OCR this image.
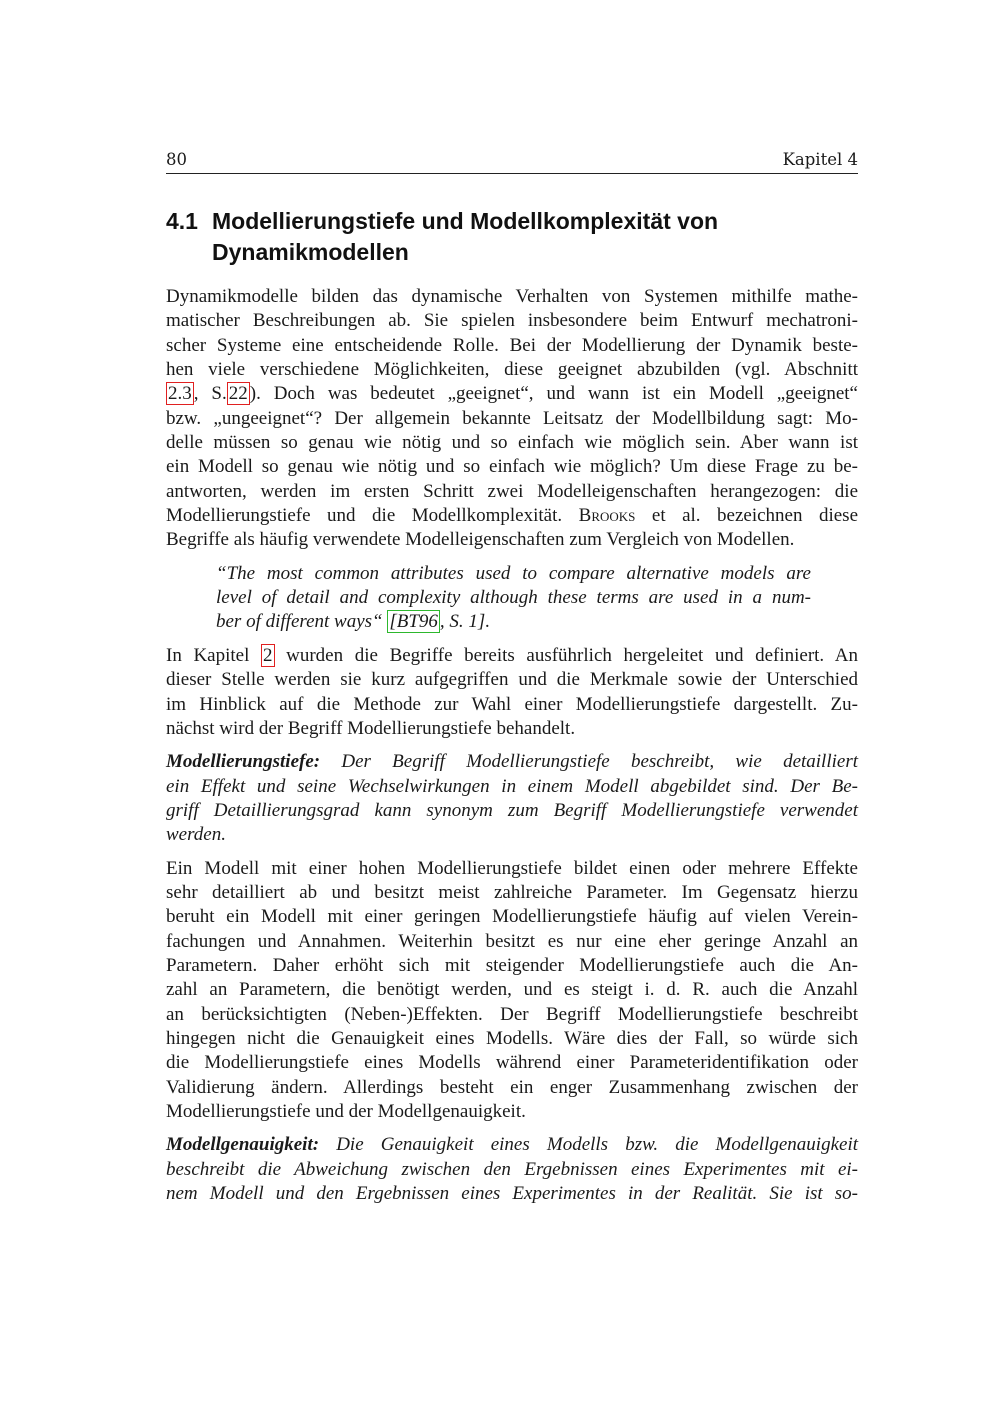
80	Kapitel 4
4.1 Modellierungstiefe und Modellkomplexität von
Dynamikmodellen

Dynamikmodelle bilden das dynamische Verhalten von Systemen mithilfe mathe-
matischer Beschreibungen ab. Sie spielen insbesondere beim Entwurf mechatroni-
scher Systeme eine entscheidende Rolle. Bei der Modellierung der Dynamik beste-
hen viele verschiedene Möglichkeiten, diese geeignet abzubilden (vgl. Abschnitt
2.3 , S. 22 ). Doch was bedeutet „geeignet“, und wann ist ein Modell „geeignet“
bzw. „ungeeignet“? Der allgemein bekannte Leitsatz der Modellbildung sagt: Mo-
delle müssen so genau wie nötig und so einfach wie möglich sein. Aber wann ist
ein Modell so genau wie nötig und so einfach wie möglich? Um diese Frage zu be-
antworten, werden im ersten Schritt zwei Modelleigenschaften herangezogen: die
Modellierungstiefe und die Modellkomplexität. Brooks et al. bezeichnen diese
Begriffe als häufig verwendete Modelleigenschaften zum Vergleich von Modellen.

“The most common attributes used to compare alternative models are
level of detail and complexity although these terms are used in a num-
ber of different ways“ [BT96 , S. 1].

In Kapitel 2 wurden die Begriffe bereits ausführlich hergeleitet und definiert. An
dieser Stelle werden sie kurz aufgegriffen und die Merkmale sowie der Unterschied
im Hinblick auf die Methode zur Wahl einer Modellierungstiefe dargestellt. Zu-
nächst wird der Begriff Modellierungstiefe behandelt.

Modellierungstiefe: Der Begriff Modellierungstiefe beschreibt, wie detailliert
ein Effekt und seine Wechselwirkungen in einem Modell abgebildet sind. Der Be-
griff Detaillierungsgrad kann synonym zum Begriff Modellierungstiefe verwendet
werden.

Ein Modell mit einer hohen Modellierungstiefe bildet einen oder mehrere Effekte
sehr detailliert ab und besitzt meist zahlreiche Parameter. Im Gegensatz hierzu
beruht ein Modell mit einer geringen Modellierungstiefe häufig auf vielen Verein-
fachungen und Annahmen. Weiterhin besitzt es nur eine eher geringe Anzahl an
Parametern. Daher erhöht sich mit steigender Modellierungstiefe auch die An-
zahl an Parametern, die benötigt werden, und es steigt i. d. R. auch die Anzahl
an berücksichtigten (Neben-)Effekten. Der Begriff Modellierungstiefe beschreibt
hingegen nicht die Genauigkeit eines Modells. Wäre dies der Fall, so würde sich
die Modellierungstiefe eines Modells während einer Parameteridentifikation oder
Validierung ändern. Allerdings besteht ein enger Zusammenhang zwischen der
Modellierungstiefe und der Modellgenauigkeit.

Modellgenauigkeit: Die Genauigkeit eines Modells bzw. die Modellgenauigkeit
beschreibt die Abweichung zwischen den Ergebnissen eines Experimentes mit ei-
nem Modell und den Ergebnissen eines Experimentes in der Realität. Sie ist so-
